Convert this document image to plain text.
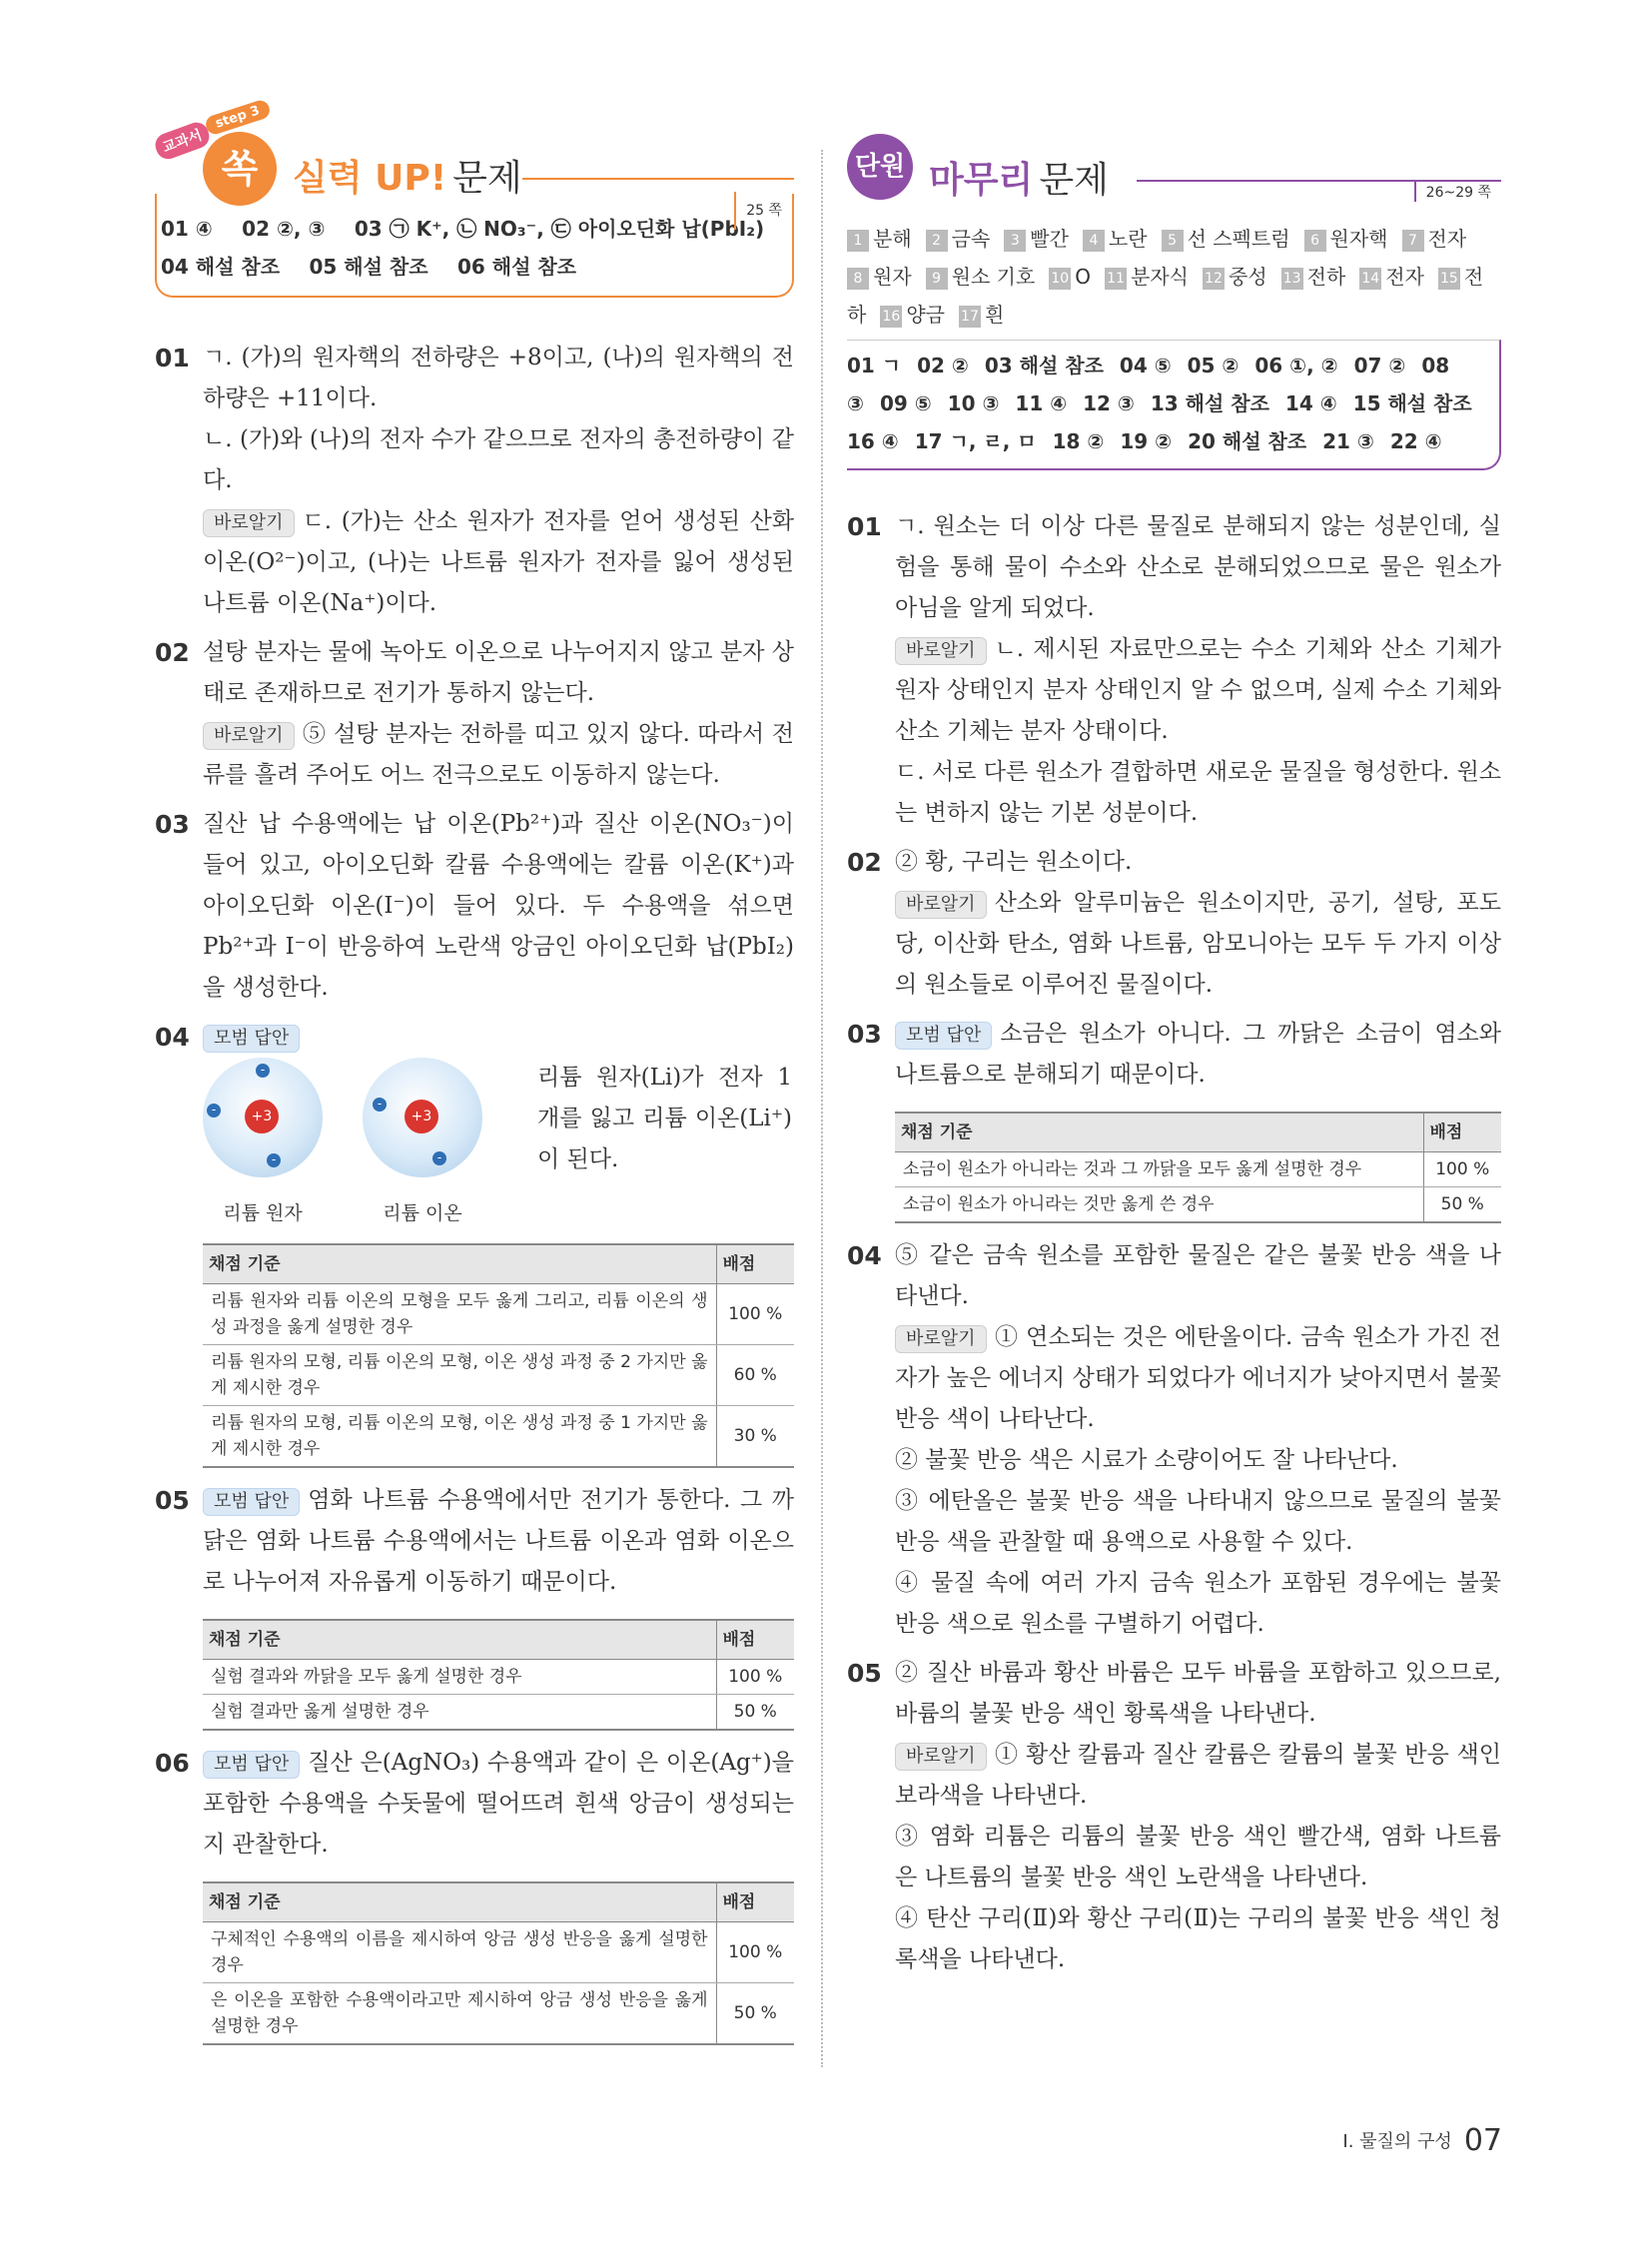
교과서
step 3
쏙 실력 UP! 문제
25 쪽
01 ④ 02 ②, ③ 03 ㉠ K⁺, ㉡ NO₃⁻, ㉢ 아이오딘화 납(PbI₂)
04 해설 참조 05 해설 참조 06 해설 참조
01 ㄱ. (가)의 원자핵의 전하량은 +8이고, (나)의 원자핵의 전하량은 +11이다.

ㄴ. (가)와 (나)의 전자 수가 같으므로 전자의 총전하량이 같다.

바로알기 ㄷ. (가)는 산소 원자가 전자를 얻어 생성된 산화 이온(O²⁻)이고, (나)는 나트륨 원자가 전자를 잃어 생성된 나트륨 이온(Na⁺)이다.

02 설탕 분자는 물에 녹아도 이온으로 나누어지지 않고 분자 상태로 존재하므로 전기가 통하지 않는다.

바로알기 ⑤ 설탕 분자는 전하를 띠고 있지 않다. 따라서 전류를 흘려 주어도 어느 전극으로도 이동하지 않는다.

03 질산 납 수용액에는 납 이온(Pb²⁺)과 질산 이온(NO₃⁻)이 들어 있고, 아이오딘화 칼륨 수용액에는 칼륨 이온(K⁺)과 아이오딘화 이온(I⁻)이 들어 있다. 두 수용액을 섞으면 Pb²⁺과 I⁻이 반응하여 노란색 앙금인 아이오딘화 납(PbI₂)을 생성한다.

04	모범 답안

+3
-
-
-
리튬 원자
+3
-
-
리튬 이온
리튬 원자(Li)가 전자 1 개를 잃고 리튬 이온(Li⁺)이 된다.
채점 기준	배점
리튬 원자와 리튬 이온의 모형을 모두 옳게 그리고, 리튬 이온의 생성 과정을 옳게 설명한 경우	100 %
리튬 원자의 모형, 리튬 이온의 모형, 이온 생성 과정 중 2 가지만 옳게 제시한 경우	60 %
리튬 원자의 모형, 리튬 이온의 모형, 이온 생성 과정 중 1 가지만 옳게 제시한 경우	30 %
05	모범 답안 염화 나트륨 수용액에서만 전기가 통한다. 그 까닭은 염화 나트륨 수용액에서는 나트륨 이온과 염화 이온으로 나누어져 자유롭게 이동하기 때문이다.

채점 기준	배점
실험 결과와 까닭을 모두 옳게 설명한 경우	100 %
실험 결과만 옳게 설명한 경우	50 %
06	모범 답안 질산 은(AgNO₃) 수용액과 같이 은 이온(Ag⁺)을 포함한 수용액을 수돗물에 떨어뜨려 흰색 앙금이 생성되는지 관찰한다.

채점 기준	배점
구체적인 수용액의 이름을 제시하여 앙금 생성 반응을 옳게 설명한 경우	100 %
은 이온을 포함한 수용액이라고만 제시하여 앙금 생성 반응을 옳게 설명한 경우	50 %
단원 마무리 문제	26~29 쪽
1 분해 2 금속 3 빨간 4 노란 5 선 스펙트럼 6 원자핵 7 전자8 원자 9 원소 기호 10 O 11 분자식 12 중성 13 전하 14 전자 15 전하 16 양금 17 흰
01 ㄱ 02 ② 03 해설 참조 04 ⑤ 05 ② 06 ①, ② 07 ② 08 ③ 09 ⑤ 10 ③ 11 ④ 12 ③ 13 해설 참조 14 ④ 15 해설 참조16 ④ 17 ㄱ, ㄹ, ㅁ 18 ② 19 ② 20 해설 참조 21 ③ 22 ④
01 ㄱ. 원소는 더 이상 다른 물질로 분해되지 않는 성분인데, 실험을 통해 물이 수소와 산소로 분해되었으므로 물은 원소가 아님을 알게 되었다.

바로알기 ㄴ. 제시된 자료만으로는 수소 기체와 산소 기체가 원자 상태인지 분자 상태인지 알 수 없으며, 실제 수소 기체와 산소 기체는 분자 상태이다.

ㄷ. 서로 다른 원소가 결합하면 새로운 물질을 형성한다. 원소는 변하지 않는 기본 성분이다.

02 ② 황, 구리는 원소이다.

바로알기 산소와 알루미늄은 원소이지만, 공기, 설탕, 포도당, 이산화 탄소, 염화 나트륨, 암모니아는 모두 두 가지 이상의 원소들로 이루어진 물질이다.

03	모범 답안 소금은 원소가 아니다. 그 까닭은 소금이 염소와 나트륨으로 분해되기 때문이다.

채점 기준	배점
소금이 원소가 아니라는 것과 그 까닭을 모두 옳게 설명한 경우	100 %
소금이 원소가 아니라는 것만 옳게 쓴 경우	50 %
04 ⑤ 같은 금속 원소를 포함한 물질은 같은 불꽃 반응 색을 나타낸다.

바로알기 ① 연소되는 것은 에탄올이다. 금속 원소가 가진 전자가 높은 에너지 상태가 되었다가 에너지가 낮아지면서 불꽃 반응 색이 나타난다.

② 불꽃 반응 색은 시료가 소량이어도 잘 나타난다.

③ 에탄올은 불꽃 반응 색을 나타내지 않으므로 물질의 불꽃 반응 색을 관찰할 때 용액으로 사용할 수 있다.

④ 물질 속에 여러 가지 금속 원소가 포함된 경우에는 불꽃 반응 색으로 원소를 구별하기 어렵다.

05 ② 질산 바륨과 황산 바륨은 모두 바륨을 포함하고 있으므로, 바륨의 불꽃 반응 색인 황록색을 나타낸다.

바로알기 ① 황산 칼륨과 질산 칼륨은 칼륨의 불꽃 반응 색인 보라색을 나타낸다.

③ 염화 리튬은 리튬의 불꽃 반응 색인 빨간색, 염화 나트륨은 나트륨의 불꽃 반응 색인 노란색을 나타낸다.

④ 탄산 구리(Ⅱ)와 황산 구리(Ⅱ)는 구리의 불꽃 반응 색인 청록색을 나타낸다.

Ⅰ. 물질의 구성 07
